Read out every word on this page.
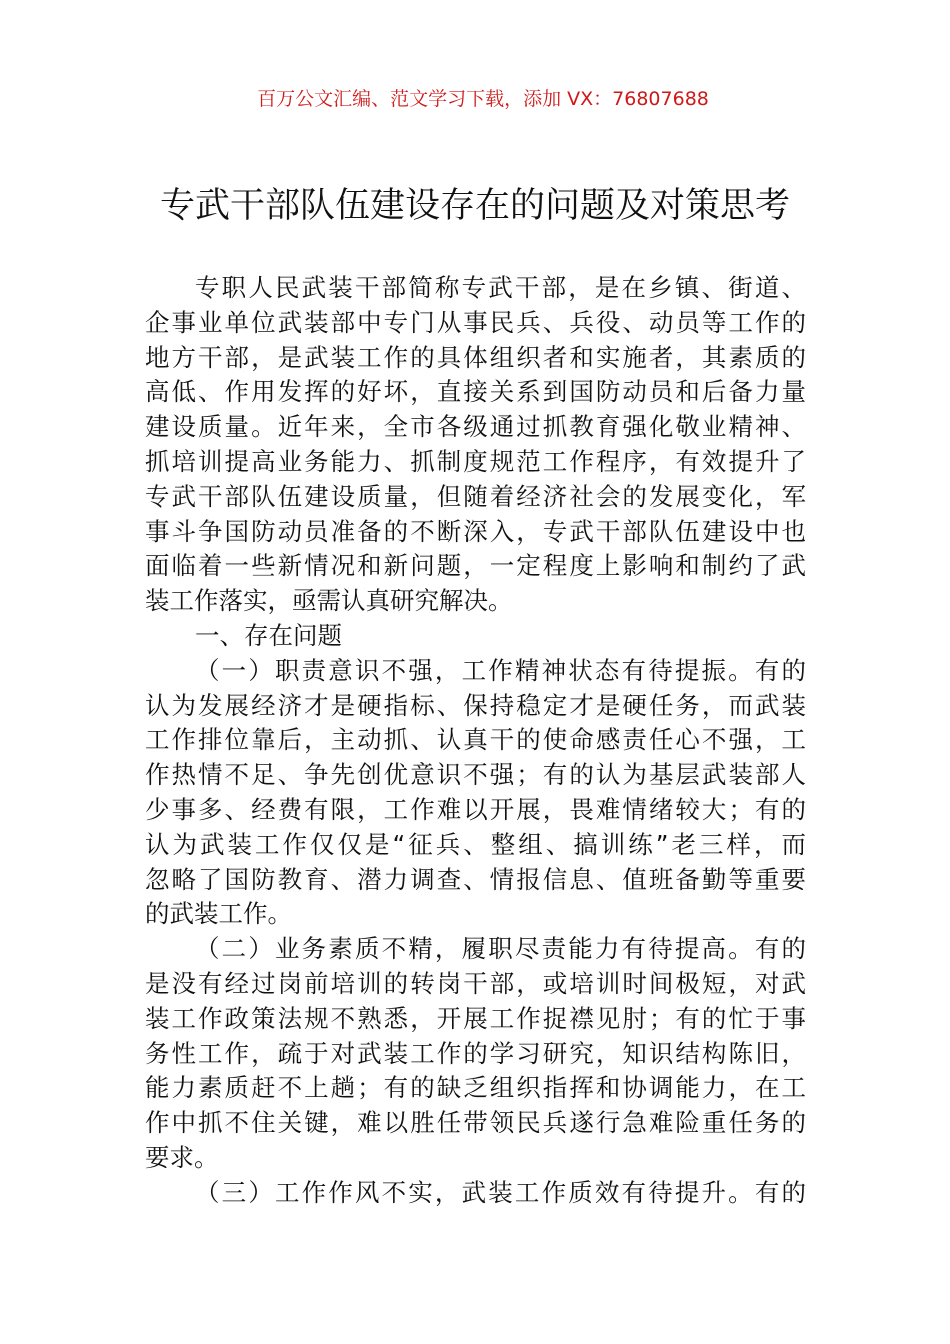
百万公文汇编、范文学习下载，添加 VX：76807688
专武干部队伍建设存在的问题及对策思考
专职人民武装干部简称专武干部，是在乡镇、街道、
企事业单位武装部中专门从事民兵、兵役、动员等工作的
地方干部，是武装工作的具体组织者和实施者，其素质的
高低、作用发挥的好坏，直接关系到国防动员和后备力量
建设质量。近年来，全市各级通过抓教育强化敬业精神、
抓培训提高业务能力、抓制度规范工作程序，有效提升了
专武干部队伍建设质量，但随着经济社会的发展变化，军
事斗争国防动员准备的不断深入，专武干部队伍建设中也
面临着一些新情况和新问题，一定程度上影响和制约了武
装工作落实，亟需认真研究解决。
一、存在问题
（一）职责意识不强，工作精神状态有待提振。有的
认为发展经济才是硬指标、保持稳定才是硬任务，而武装
工作排位靠后，主动抓、认真干的使命感责任心不强，工
作热情不足、争先创优意识不强；有的认为基层武装部人
少事多、经费有限，工作难以开展，畏难情绪较大；有的
认为武装工作仅仅是“征兵、整组、搞训练”老三样，而
忽略了国防教育、潜力调查、情报信息、值班备勤等重要
的武装工作。
（二）业务素质不精，履职尽责能力有待提高。有的
是没有经过岗前培训的转岗干部，或培训时间极短，对武
装工作政策法规不熟悉，开展工作捉襟见肘；有的忙于事
务性工作，疏于对武装工作的学习研究，知识结构陈旧，
能力素质赶不上趟；有的缺乏组织指挥和协调能力，在工
作中抓不住关键，难以胜任带领民兵遂行急难险重任务的
要求。
（三）工作作风不实，武装工作质效有待提升。有的
